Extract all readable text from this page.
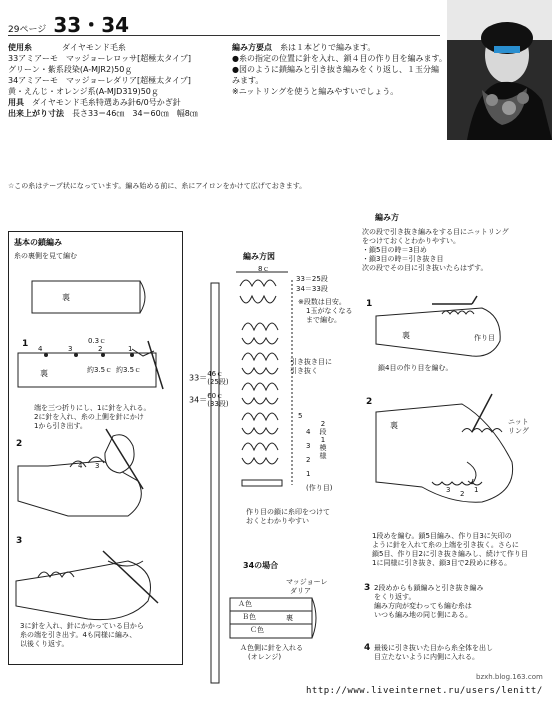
29ページ 33・34
使用糸	ダイヤモンド毛糸
33アミアーモ　マッジョーレロッサ[超極太タイプ]
グリーン・紫系段染(A-MJR2)50ｇ
34アミアーモ　マッジョーレダリア[超極太タイプ]
黄・えんじ・オレンジ系(A-MJD319)50ｇ
用具 ダイヤモンド毛糸特選あみ針6/0号かぎ針
出来上がり寸法 長さ33＝46㎝　34＝60㎝　幅8㎝
編み方要点　 糸は１本どりで編みます。
●糸の指定の位置に針を入れ、鎖４目の作り目を編みます。
●図のように鎖編みと引き抜き編みをくり返し、１玉分編みます。
※ニットリングを使うと編みやすいでしょう。
☆この糸はテープ状になっています。編み始める前に、糸にアイロンをかけて広げておきます。
基本の鎖編み
糸の裏側を見て編む
裏
1	0.3ｃ
4	3	2	1
裏	約3.5ｃ 約3.5ｃ
端を三つ折りにし、1に針を入れる。
2に針を入れ、糸の上側を針にかけ
1から引き出す。
2
4 3
3
3に針を入れ、針にかかっている目から
糸の端を引き出す。4も同様に編み、
以後くり返す。
編み方図
8ｃ
33＝25段
34＝33段
※段数は目安。
1玉がなくなる
まで編む。
引き抜き目に
引き抜く
33＝ 46ｃ
(25段)
34＝ 60ｃ
(33段)
5
4
3
2
1
2
段
1
模
様
(作り目)
作り目の鎖に糸印をつけて
おくとわかりやすい
34の場合
マッジョーレ
ダリア
Ａ色
Ｂ色
Ｃ色
裏
Ａ色側に針を入れる
(オレンジ)
編み方
次の段で引き抜き編みをする目にニットリング
をつけておくとわかりやすい。
・鎖5目の時＝3目め
・鎖3目の時＝引き抜き目
次の段でその目に引き抜いたらはずす。
1
裏	作り目
鎖4目の作り目を編む。
2
裏	ニット
リング
3 2 1
1段めを編む。鎖5目編み、作り目3に矢印の
ように針を入れて糸の上端を引き抜く。さらに
鎖5目、作り目2に引き抜き編みし、続けて作り目
1に同様に引き抜き、鎖3目で2段めに移る。
3 2段めからも鎖編みと引き抜き編み
をくり返す。
編み方向が変わっても編む糸は
いつも編み地の同じ側にある。
4 最後に引き抜いた目から糸全体を出し
目立たないように内側に入れる。
http://www.liveinternet.ru/users/lenitt/
bzxh.blog.163.com
